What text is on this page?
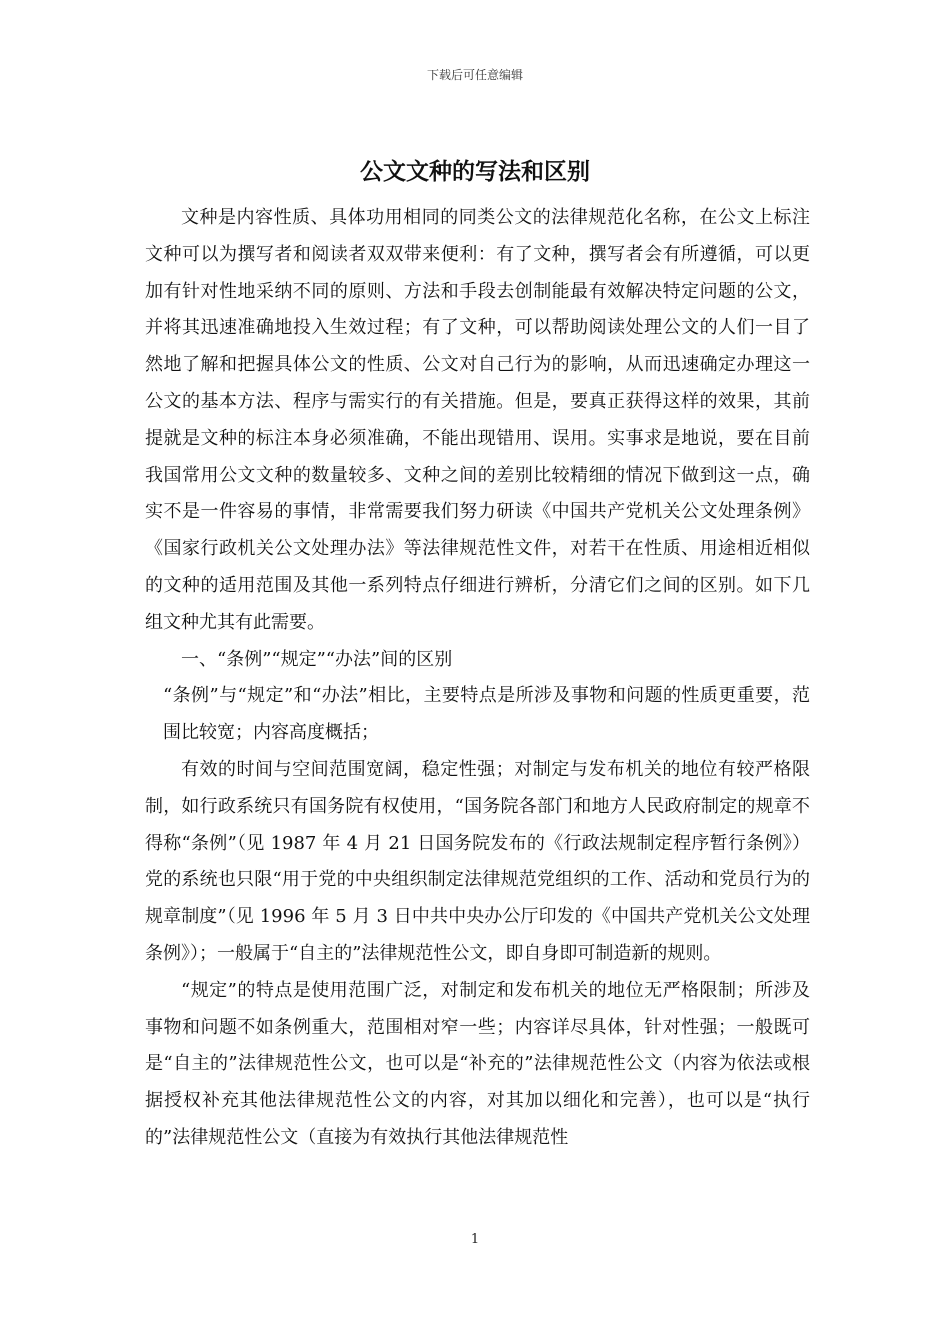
下载后可任意编辑
公文文种的写法和区别

文种是内容性质、具体功用相同的同类公文的法律规范化名称，在公文上标注文种可以为撰写者和阅读者双双带来便利：有了文种，撰写者会有所遵循，可以更加有针对性地采纳不同的原则、方法和手段去创制能最有效解决特定问题的公文，并将其迅速准确地投入生效过程；有了文种，可以帮助阅读处理公文的人们一目了然地了解和把握具体公文的性质、公文对自己行为的影响，从而迅速确定办理这一公文的基本方法、程序与需实行的有关措施。但是，要真正获得这样的效果，其前提就是文种的标注本身必须准确，不能出现错用、误用。实事求是地说，要在目前我国常用公文文种的数量较多、文种之间的差别比较精细的情况下做到这一点，确实不是一件容易的事情，非常需要我们努力研读《中国共产党机关公文处理条例》《国家行政机关公文处理办法》等法律规范性文件，对若干在性质、用途相近相似的文种的适用范围及其他一系列特点仔细进行辨析，分清它们之间的区别。如下几组文种尤其有此需要。

一、“条例”“规定”“办法”间的区别

“条例”与“规定”和“办法”相比，主要特点是所涉及事物和问题的性质更重要，范围比较宽；内容高度概括；

有效的时间与空间范围宽阔，稳定性强；对制定与发布机关的地位有较严格限制，如行政系统只有国务院有权使用，“国务院各部门和地方人民政府制定的规章不得称“条例”（见 1987 年 4 月 21 日国务院发布的《行政法规制定程序暂行条例》）党的系统也只限“用于党的中央组织制定法律规范党组织的工作、活动和党员行为的规章制度”（见 1996 年 5 月 3 日中共中央办公厅印发的《中国共产党机关公文处理条例》）；一般属于“自主的”法律规范性公文，即自身即可制造新的规则。

“规定”的特点是使用范围广泛，对制定和发布机关的地位无严格限制；所涉及事物和问题不如条例重大，范围相对窄一些；内容详尽具体，针对性强；一般既可是“自主的”法律规范性公文，也可以是“补充的”法律规范性公文（内容为依法或根据授权补充其他法律规范性公文的内容，对其加以细化和完善），也可以是“执行的”法律规范性公文（直接为有效执行其他法律规范性

1
